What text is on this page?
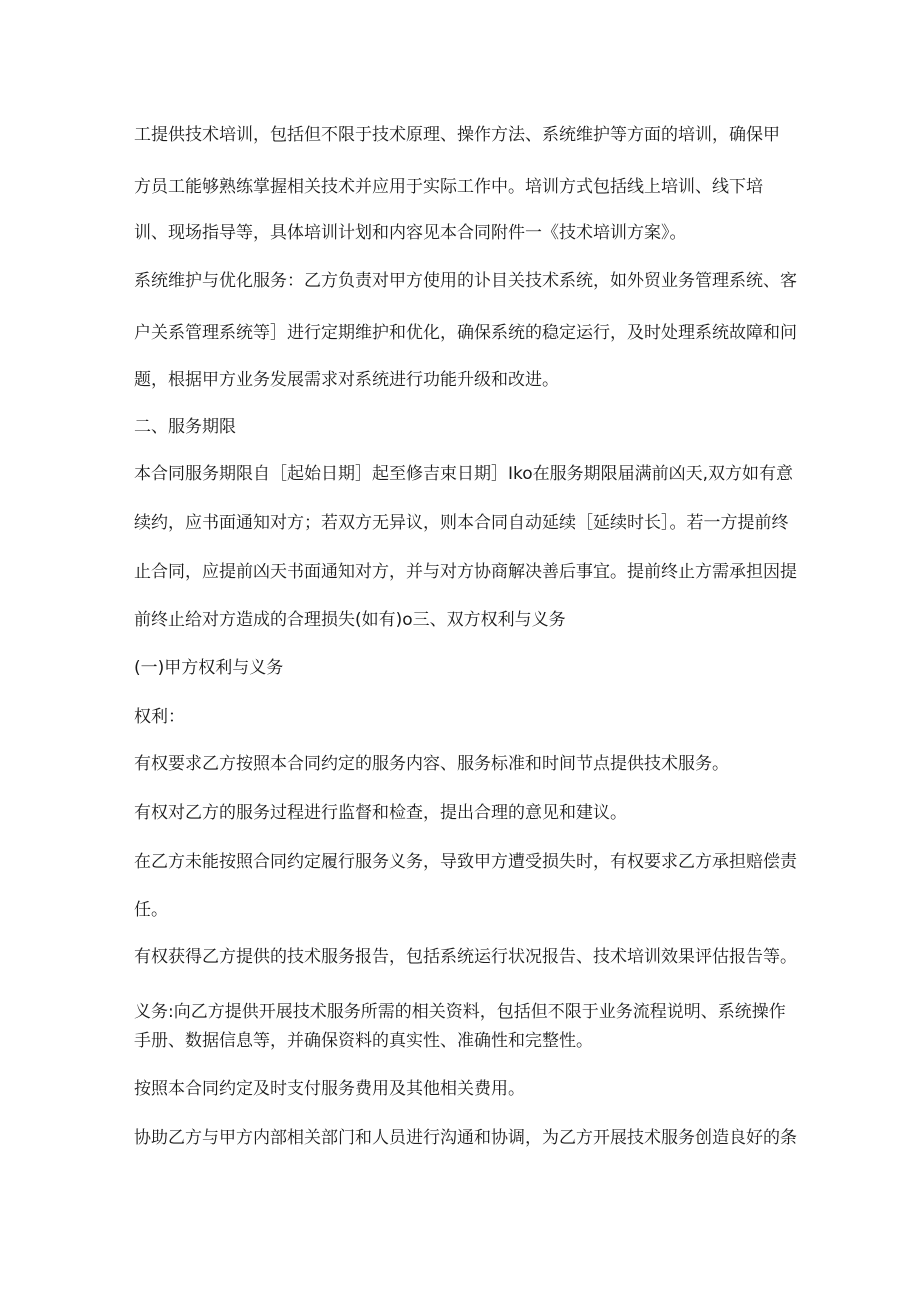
工提供技术培训，包括但不限于技术原理、操作方法、系统维护等方面的培训，确保甲

方员工能够熟练掌握相关技术并应用于实际工作中。培训方式包括线上培训、线下培

训、现场指导等，具体培训计划和内容见本合同附件一《技术培训方案》。

系统维护与优化服务：乙方负责对甲方使用的讣目关技术系统，如外贸业务管理系统、客

户关系管理系统等］进行定期维护和优化，确保系统的稳定运行，及时处理系统故障和问

题，根据甲方业务发展需求对系统进行功能升级和改进。

二、服务期限

本合同服务期限自［起始日期］起至修吉束日期］Iko在服务期限届满前凶天,双方如有意

续约，应书面通知对方；若双方无异议，则本合同自动延续［延续时长］。若一方提前终

止合同，应提前凶天书面通知对方，并与对方协商解决善后事宜。提前终止方需承担因提

前终止给对方造成的合理损失(如有)o三、双方权利与义务

(一)甲方权利与义务

权利：

有权要求乙方按照本合同约定的服务内容、服务标准和时间节点提供技术服务。

有权对乙方的服务过程进行监督和检查，提出合理的意见和建议。

在乙方未能按照合同约定履行服务义务，导致甲方遭受损失时，有权要求乙方承担赔偿责

任。

有权获得乙方提供的技术服务报告，包括系统运行状况报告、技术培训效果评估报告等。

义务:向乙方提供开展技术服务所需的相关资料，包括但不限于业务流程说明、系统操作

手册、数据信息等，并确保资料的真实性、准确性和完整性。

按照本合同约定及时支付服务费用及其他相关费用。

协助乙方与甲方内部相关部门和人员进行沟通和协调，为乙方开展技术服务创造良好的条
